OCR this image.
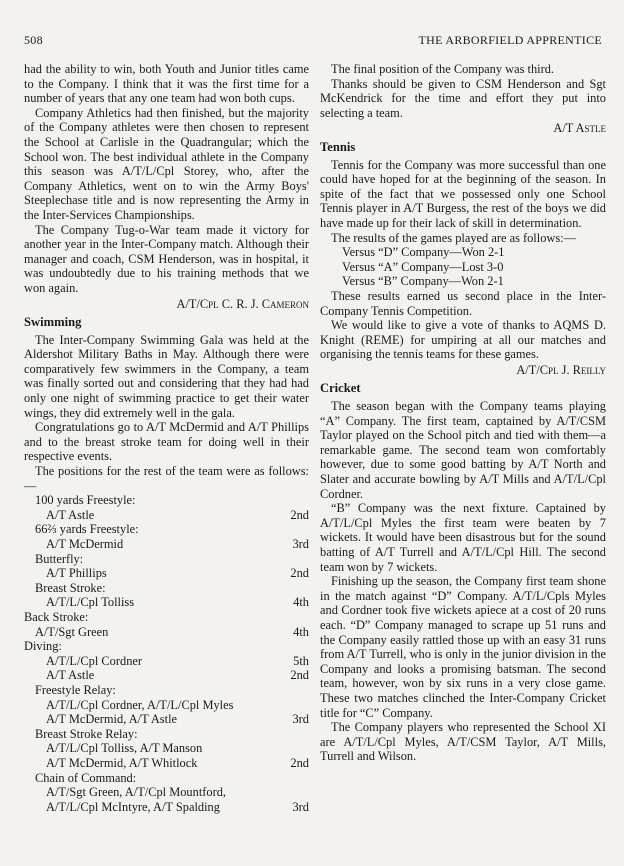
508	THE ARBORFIELD APPRENTICE

had the ability to win, both Youth and Junior titles came to the Company. I think that it was the first time for a number of years that any one team had won both cups.

Company Athletics had then finished, but the majority of the Company athletes were then chosen to represent the School at Carlisle in the Quadrangular; which the School won. The best individual athlete in the Company this season was A/T/L/Cpl Storey, who, after the Company Athletics, went on to win the Army Boys' Steeplechase title and is now representing the Army in the Inter-Services Championships.

The Company Tug-o-War team made it victory for another year in the Inter-Company match. Although their manager and coach, CSM Henderson, was in hospital, it was undoubtedly due to his training methods that we won again.

A/T/Cpl C. R. J. Cameron
Swimming

The Inter-Company Swimming Gala was held at the Aldershot Military Baths in May. Although there were comparatively few swimmers in the Company, a team was finally sorted out and considering that they had had only one night of swimming practice to get their water wings, they did extremely well in the gala.

Congratulations go to A/T McDermid and A/T Phillips and to the breast stroke team for doing well in their respective events.

The positions for the rest of the team were as follows:—

100 yards Freestyle:
A/T Astle	2nd
66⅔ yards Freestyle:
A/T McDermid	3rd
Butterfly:
A/T Phillips	2nd
Breast Stroke:
A/T/L/Cpl Tolliss	4th
Back Stroke:
A/T/Sgt Green	4th
Diving:
A/T/L/Cpl Cordner	5th
A/T Astle	2nd
Freestyle Relay:
A/T/L/Cpl Cordner, A/T/L/Cpl Myles
A/T McDermid, A/T Astle	3rd
Breast Stroke Relay:
A/T/L/Cpl Tolliss, A/T Manson
A/T McDermid, A/T Whitlock	2nd
Chain of Command:
A/T/Sgt Green, A/T/Cpl Mountford,
A/T/L/Cpl McIntyre, A/T Spalding	3rd

The final position of the Company was third.

Thanks should be given to CSM Henderson and Sgt McKendrick for the time and effort they put into selecting a team.

A/T Astle
Tennis

Tennis for the Company was more successful than one could have hoped for at the beginning of the season. In spite of the fact that we possessed only one School Tennis player in A/T Burgess, the rest of the boys we did have made up for their lack of skill in determination.

The results of the games played are as follows:—

Versus “D” Company—Won 2-1
Versus “A” Company—Lost 3-0
Versus “B” Company—Won 2-1

These results earned us second place in the Inter-Company Tennis Competition.

We would like to give a vote of thanks to AQMS D. Knight (REME) for umpiring at all our matches and organising the tennis teams for these games.

A/T/Cpl J. Reilly
Cricket

The season began with the Company teams playing “A” Company. The first team, captained by A/T/CSM Taylor played on the School pitch and tied with them—a remarkable game. The second team won comfortably however, due to some good batting by A/T North and Slater and accurate bowling by A/T Mills and A/T/L/Cpl Cordner.

“B” Company was the next fixture. Captained by A/T/L/Cpl Myles the first team were beaten by 7 wickets. It would have been disastrous but for the sound batting of A/T Turrell and A/T/L/Cpl Hill. The second team won by 7 wickets.

Finishing up the season, the Company first team shone in the match against “D” Company. A/T/L/Cpls Myles and Cordner took five wickets apiece at a cost of 20 runs each. “D” Company managed to scrape up 51 runs and the Company easily rattled those up with an easy 31 runs from A/T Turrell, who is only in the junior division in the Company and looks a promising batsman. The second team, however, won by six runs in a very close game. These two matches clinched the Inter-Company Cricket title for “C” Company.

The Company players who represented the School XI are A/T/L/Cpl Myles, A/T/CSM Taylor, A/T Mills, Turrell and Wilson.
